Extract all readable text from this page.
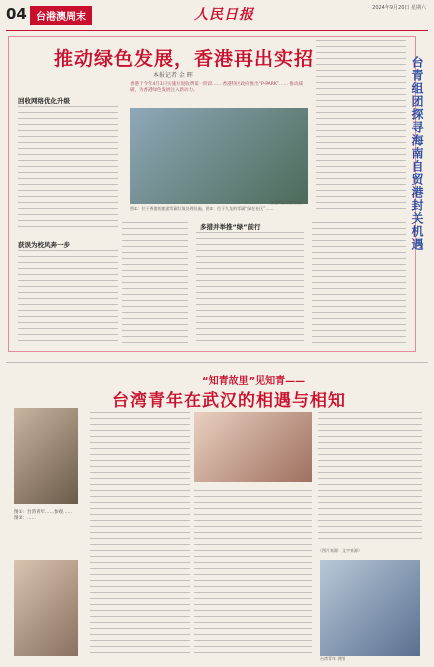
04 台港澳周末	人民日报	2024年9月20日 星期六
推动绿色发展，香港再出实招
本报记者 金 晖
香港于今年4月1日实施垃圾收费第一阶段…… 香港特区政府推出“P-PARK”…… 推动减碳，为香港绿色发展注入新动力。
回收网络优化升级
获误为校风奔一步
图①：位于香港的旅游零碳垃圾处理设施。图②：位于九龙的零碳“绿在社区”……
香港特区政府供图
多措并举推“绿”前行	台青组团探寻海南自贸港封关机遇
“知青故里”见知青——
台湾青年在武汉的相遇与相知
图①：台湾青年……参观……图②：……
（图片来源：文字来源）
台湾青年 供图
